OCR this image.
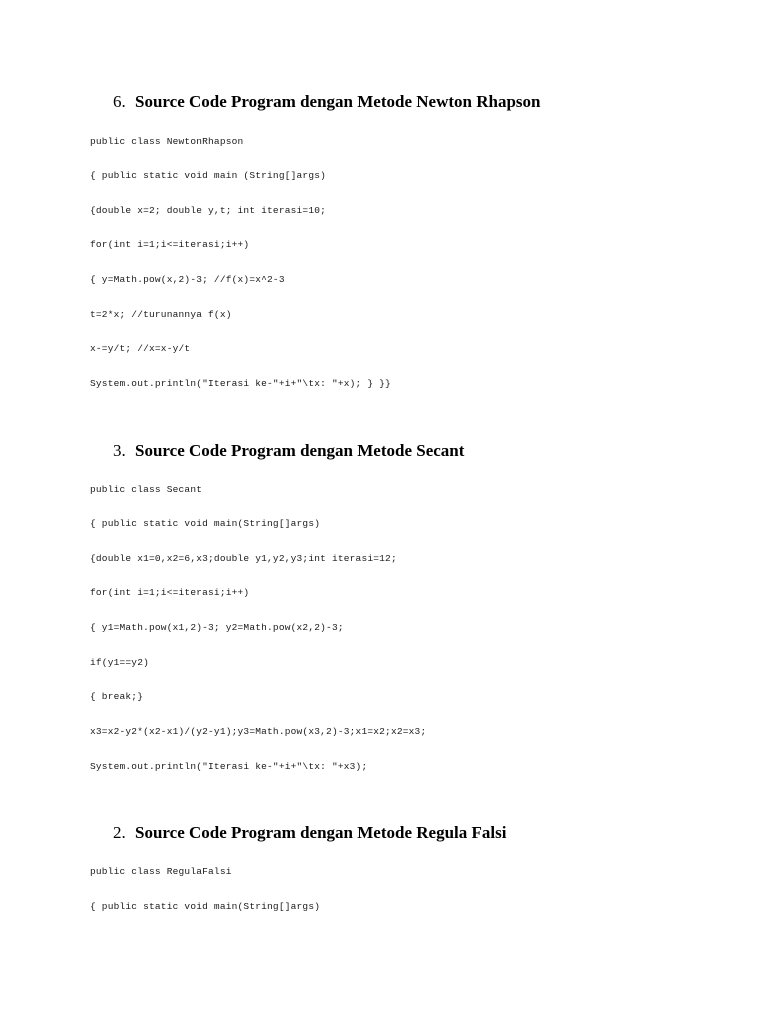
6. Source Code Program dengan Metode Newton Rhapson
public class NewtonRhapson
{ public static void main (String[]args)
{double x=2; double y,t; int iterasi=10;
for(int i=1;i<=iterasi;i++)
{ y=Math.pow(x,2)-3; //f(x)=x^2-3
t=2*x; //turunannya f(x)
x-=y/t; //x=x-y/t
System.out.println("Iterasi ke-"+i+"\tx: "+x); } }}
3. Source Code Program dengan Metode Secant
public class Secant
{ public static void main(String[]args)
{double x1=0,x2=6,x3;double y1,y2,y3;int iterasi=12;
for(int i=1;i<=iterasi;i++)
{ y1=Math.pow(x1,2)-3; y2=Math.pow(x2,2)-3;
if(y1==y2)
{ break;}
x3=x2-y2*(x2-x1)/(y2-y1);y3=Math.pow(x3,2)-3;x1=x2;x2=x3;
System.out.println("Iterasi ke-"+i+"\tx: "+x3);
2. Source Code Program dengan Metode Regula Falsi
public class RegulaFalsi
{ public static void main(String[]args)
